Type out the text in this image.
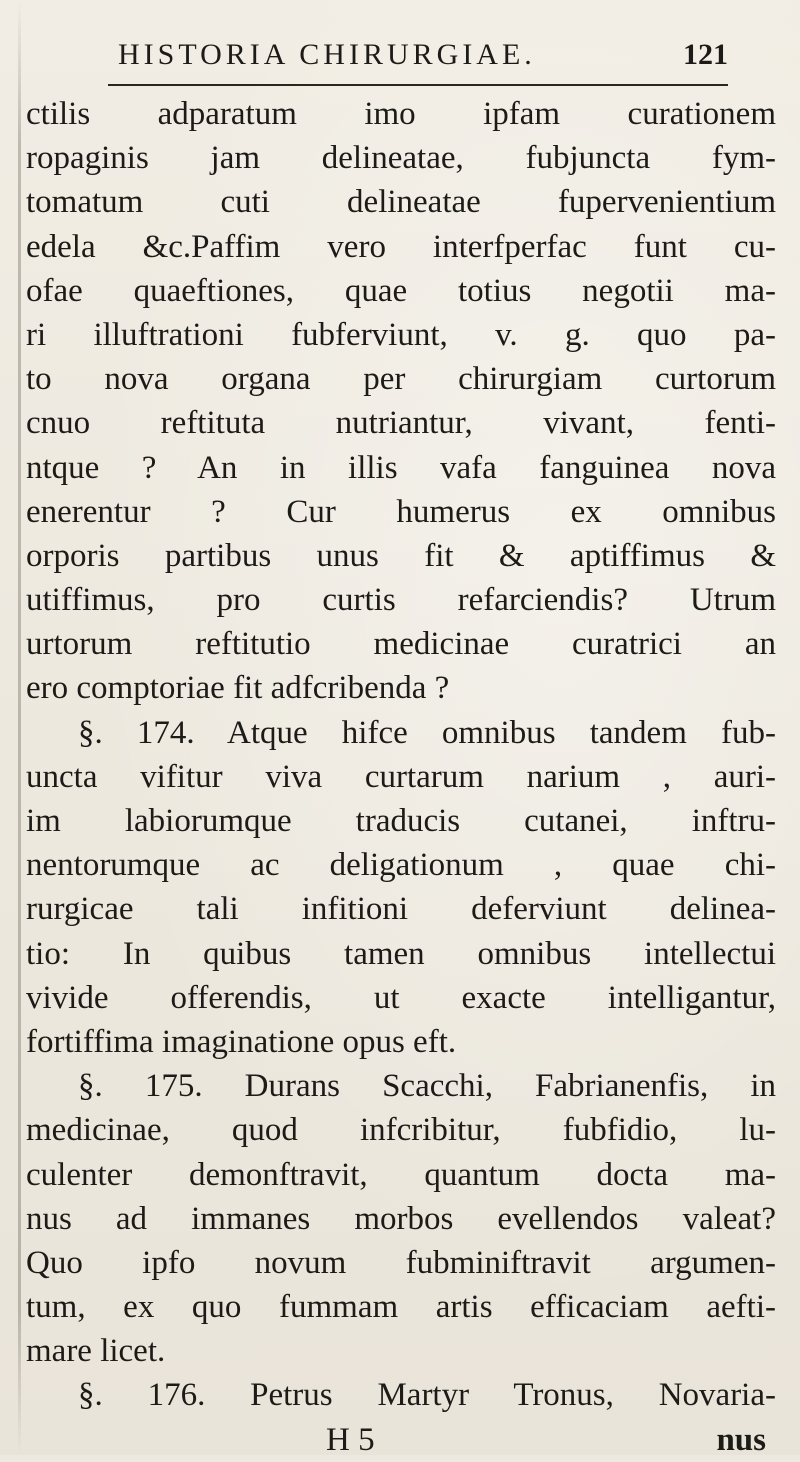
HISTORIA CHIRURGIAE.	121
ctilis adparatum imo ipfam curationem
ropaginis jam delineatae, fubjuncta fym-
tomatum cuti delineatae fupervenientium
edela &c.Paffim vero interfperfac funt cu-
ofae quaeftiones, quae totius negotii ma-
ri illuftrationi fubferviunt, v. g. quo pa-
to nova organa per chirurgiam curtorum
cnuo reftituta nutriantur, vivant, fenti-
ntque ? An in illis vafa fanguinea nova
enerentur ? Cur humerus ex omnibus
orporis partibus unus fit & aptiffimus &
utiffimus, pro curtis refarciendis? Utrum
urtorum reftitutio medicinae curatrici an
ero comptoriae fit adfcribenda ?
§. 174. Atque hifce omnibus tandem fub-
uncta vifitur viva curtarum narium , auri-
im labiorumque traducis cutanei, inftru-
nentorumque ac deligationum , quae chi-
rurgicae tali infitioni deferviunt delinea-
tio: In quibus tamen omnibus intellectui
vivide offerendis, ut exacte intelligantur,
fortiffima imaginatione opus eft.
§. 175. Durans Scacchi, Fabrianenfis, in
medicinae, quod infcribitur, fubfidio, lu-
culenter demonftravit, quantum docta ma-
nus ad immanes morbos evellendos valeat?
Quo ipfo novum fubminiftravit argumen-
tum, ex quo fummam artis efficaciam aefti-
mare licet.
§. 176. Petrus Martyr Tronus, Novaria-
H 5	nus
